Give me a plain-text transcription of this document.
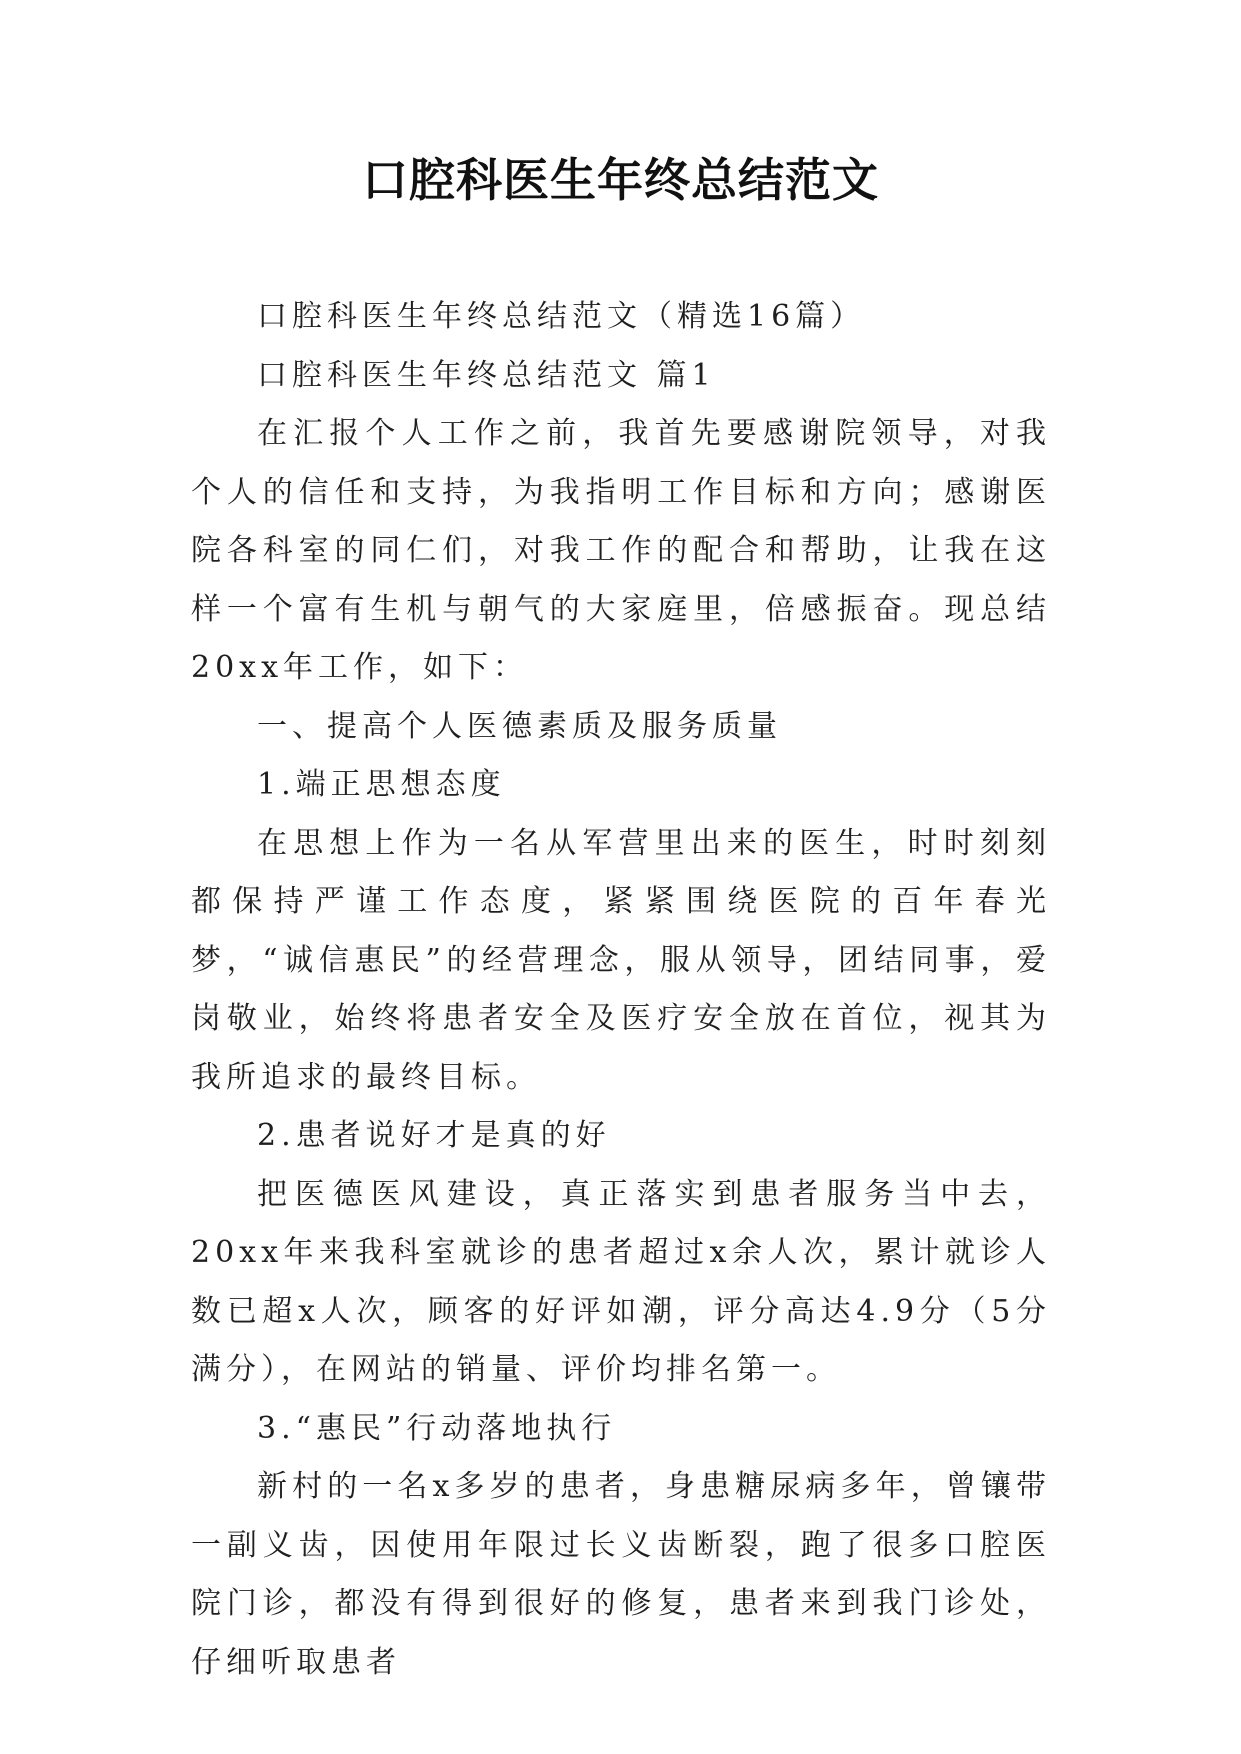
口腔科医生年终总结范文

口腔科医生年终总结范文（精选16篇）

口腔科医生年终总结范文 篇1

在汇报个人工作之前，我首先要感谢院领导，对我个人的信任和支持，为我指明工作目标和方向；感谢医院各科室的同仁们，对我工作的配合和帮助，让我在这样一个富有生机与朝气的大家庭里，倍感振奋。现总结20xx年工作，如下：

一、提高个人医德素质及服务质量

1.端正思想态度

在思想上作为一名从军营里出来的医生，时时刻刻都保持严谨工作态度，紧紧围绕医院的百年春光梦，“诚信惠民”的经营理念，服从领导，团结同事，爱岗敬业，始终将患者安全及医疗安全放在首位，视其为我所追求的最终目标。

2.患者说好才是真的好

把医德医风建设，真正落实到患者服务当中去，20xx年来我科室就诊的患者超过x余人次，累计就诊人数已超x人次，顾客的好评如潮，评分高达4.9分（5分满分），在网站的销量、评价均排名第一。

3.“惠民”行动落地执行

新村的一名x多岁的患者，身患糖尿病多年，曾镶带一副义齿，因使用年限过长义齿断裂，跑了很多口腔医院门诊，都没有得到很好的修复，患者来到我门诊处，仔细听取患者
